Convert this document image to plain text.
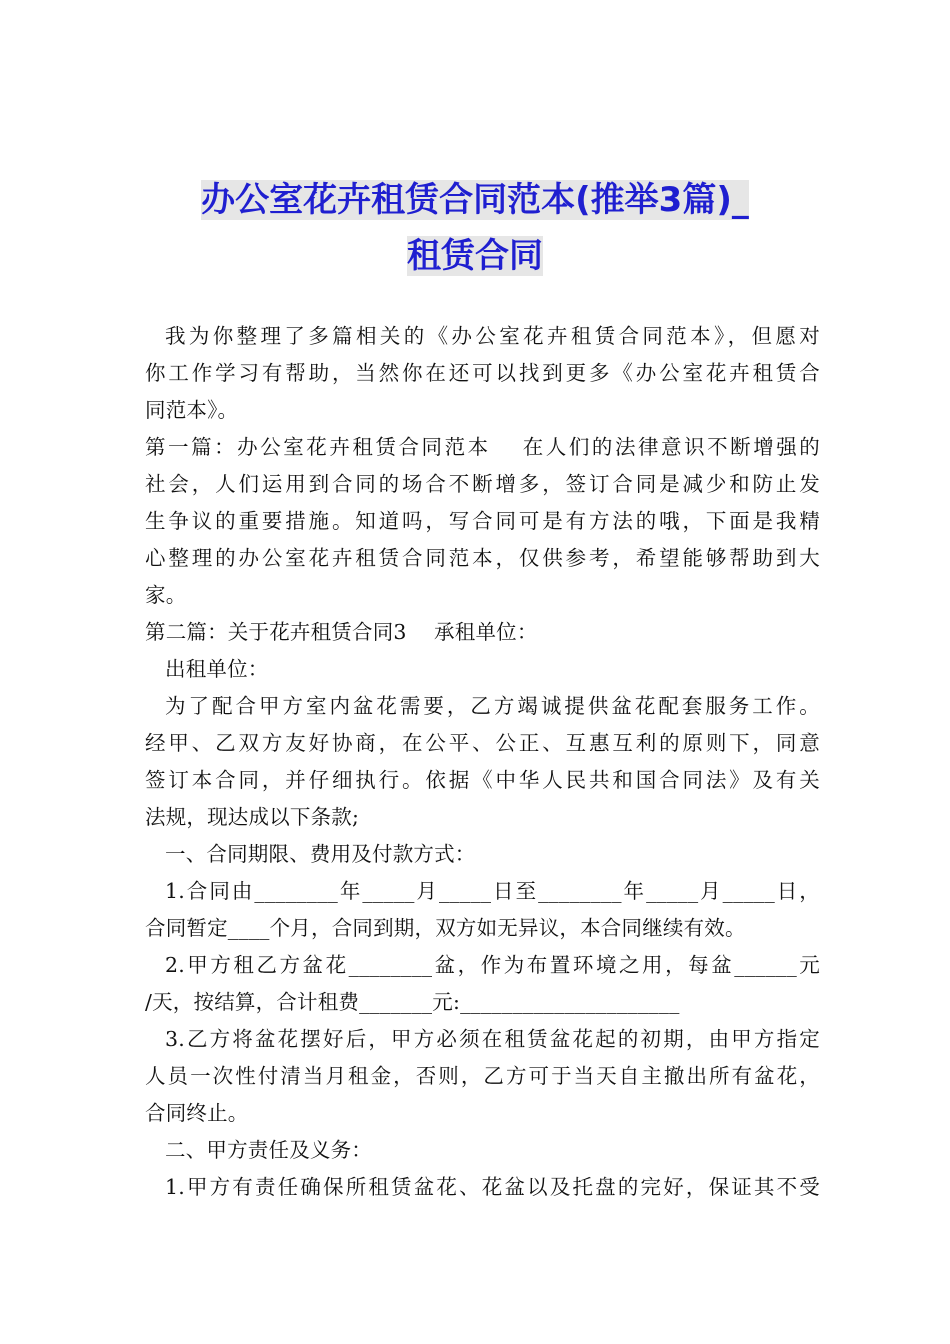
办公室花卉租赁合同范本(推举3篇)_
租赁合同
我为你整理了多篇相关的《办公室花卉租赁合同范本》，但愿对
你工作学习有帮助，当然你在还可以找到更多《办公室花卉租赁合
同范本》。
第一篇：办公室花卉租赁合同范本　 在人们的法律意识不断增强的
社会，人们运用到合同的场合不断增多，签订合同是减少和防止发
生争议的重要措施。知道吗，写合同可是有方法的哦，下面是我精
心整理的办公室花卉租赁合同范本，仅供参考，希望能够帮助到大
家。
第二篇：关于花卉租赁合同3　 承租单位：
出租单位：
为了配合甲方室内盆花需要，乙方竭诚提供盆花配套服务工作。
经甲、乙双方友好协商，在公平、公正、互惠互利的原则下，同意
签订本合同，并仔细执行。依据《中华人民共和国合同法》及有关
法规，现达成以下条款;
一、合同期限、费用及付款方式：
1.合同由________年_____月_____日至________年_____月_____日，
合同暂定____个月，合同到期，双方如无异议，本合同继续有效。
2.甲方租乙方盆花________盆，作为布置环境之用，每盆______元
/天，按结算，合计租费_______元:_____________________
3.乙方将盆花摆好后，甲方必须在租赁盆花起的初期，由甲方指定
人员一次性付清当月租金，否则，乙方可于当天自主撤出所有盆花，
合同终止。
二、甲方责任及义务：
1.甲方有责任确保所租赁盆花、花盆以及托盘的完好，保证其不受
